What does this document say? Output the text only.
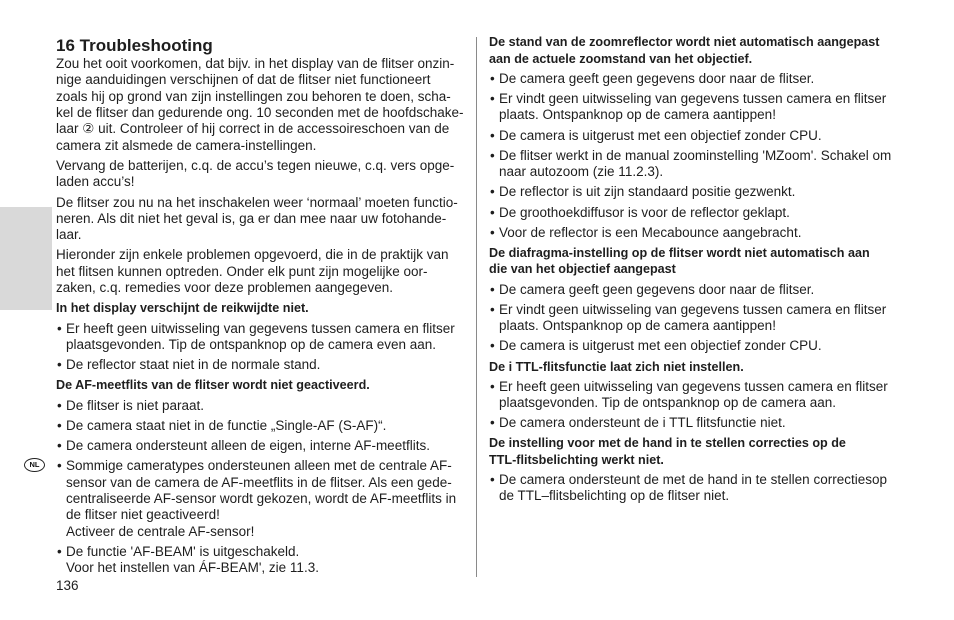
NL
16 Troubleshooting
Zou het ooit voorkomen, dat bijv. in het display van de flitser onzin-
nige aanduidingen verschijnen of dat de flitser niet functioneert
zoals hij op grond van zijn instellingen zou behoren te doen, scha-
kel de flitser dan gedurende ong. 10 seconden met de hoofdschake-
laar ② uit. Controleer of hij correct in de accessoireschoen van de
camera zit alsmede de camera-instellingen.
Vervang de batterijen, c.q. de accu’s tegen nieuwe, c.q. vers opge-
laden accu’s!
De flitser zou nu na het inschakelen weer ‘normaal’ moeten functio-
neren. Als dit niet het geval is, ga er dan mee naar uw fotohande-
laar.
Hieronder zijn enkele problemen opgevoerd, die in de praktijk van
het flitsen kunnen optreden. Onder elk punt zijn mogelijke oor-
zaken, c.q. remedies voor deze problemen aangegeven.
In het display verschijnt de reikwijdte niet.
• Er heeft geen uitwisseling van gegevens tussen camera en flitser
plaatsgevonden. Tip de ontspanknop op de camera even aan.
• De reflector staat niet in de normale stand.
De AF-meetflits van de flitser wordt niet geactiveerd.
• De flitser is niet paraat.
• De camera staat niet in de functie „Single-AF (S-AF)“.
• De camera ondersteunt alleen de eigen, interne AF-meetflits.
• Sommige cameratypes ondersteunen alleen met de centrale AF-
sensor van de camera de AF-meetflits in de flitser. Als een gede-
centraliseerde AF-sensor wordt gekozen, wordt de AF-meetflits in
de flitser niet geactiveerd!
Activeer de centrale AF-sensor!
• De functie 'AF-BEAM' is uitgeschakeld.
Voor het instellen van ÁF-BEAM', zie 11.3.
136
De stand van de zoomreflector wordt niet automatisch aangepast
aan de actuele zoomstand van het objectief.
• De camera geeft geen gegevens door naar de flitser.
• Er vindt geen uitwisseling van gegevens tussen camera en flitser
plaats. Ontspanknop op de camera aantippen!
• De camera is uitgerust met een objectief zonder CPU.
• De flitser werkt in de manual zoominstelling 'MZoom'. Schakel om
naar autozoom (zie 11.2.3).
• De reflector is uit zijn standaard positie gezwenkt.
• De groothoekdiffusor is voor de reflector geklapt.
• Voor de reflector is een Mecabounce aangebracht.
De diafragma-instelling op de flitser wordt niet automatisch aan
die van het objectief aangepast
• De camera geeft geen gegevens door naar de flitser.
• Er vindt geen uitwisseling van gegevens tussen camera en flitser
plaats. Ontspanknop op de camera aantippen!
• De camera is uitgerust met een objectief zonder CPU.
De i TTL-flitsfunctie laat zich niet instellen.
• Er heeft geen uitwisseling van gegevens tussen camera en flitser
plaatsgevonden. Tip de ontspanknop op de camera aan.
• De camera ondersteunt de i TTL flitsfunctie niet.
De instelling voor met de hand in te stellen correcties op de
TTL-flitsbelichting werkt niet.
• De camera ondersteunt de met de hand in te stellen correctiesop
de TTL–flitsbelichting op de flitser niet.
